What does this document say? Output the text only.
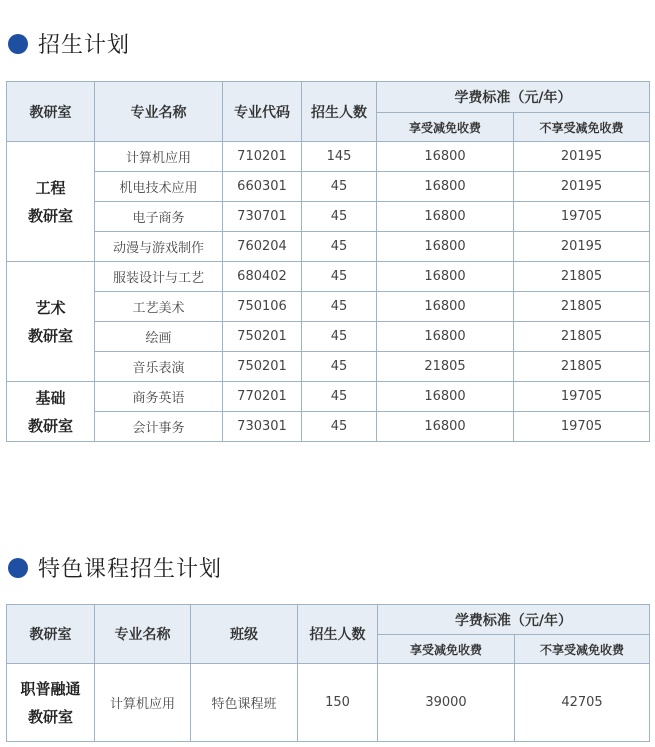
招生计划
教研室	专业名称	专业代码	招生人数	学费标准（元/年）	
				享受减免收费	不享受减免收费

工程
教研室	计算机应用	710201	145	16800	20195
	机电技术应用	660301	45	16800	20195
	电子商务	730701	45	16800	19705
	动漫与游戏制作	760204	45	16800	20195

艺术
教研室	服装设计与工艺	680402	45	16800	21805
	工艺美术	750106	45	16800	21805
	绘画	750201	45	16800	21805
	音乐表演	750201	45	21805	21805

基础
教研室	商务英语	770201	45	16800	19705
	会计事务	730301	45	16800	19705
特色课程招生计划
教研室	专业名称	班级	招生人数	学费标准（元/年）	
				享受减免收费	不享受减免收费

职普融通
教研室	计算机应用	特色课程班	150	39000	42705
